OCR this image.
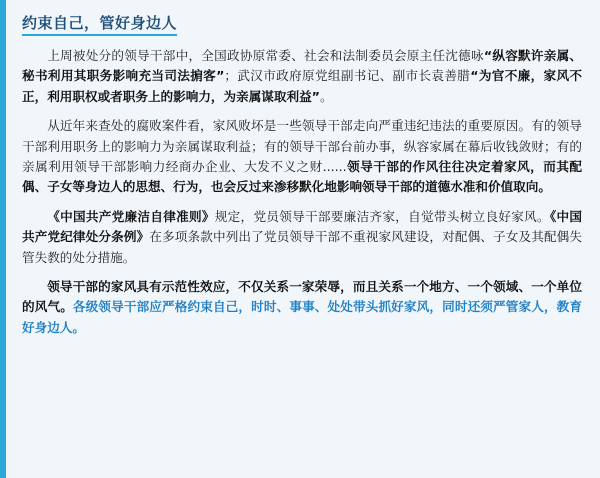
约束自己，管好身边人

上周被处分的领导干部中，全国政协原常委、社会和法制委员会原主任沈德咏“纵容默许亲属、秘书利用其职务影响充当司法掮客”；武汉市政府原党组副书记、副市长袁善腊“为官不廉，家风不正，利用职权或者职务上的影响力，为亲属谋取利益”。

从近年来查处的腐败案件看，家风败坏是一些领导干部走向严重违纪违法的重要原因。有的领导干部利用职务上的影响力为亲属谋取利益；有的领导干部台前办事，纵容家属在幕后收钱敛财；有的亲属利用领导干部影响力经商办企业、大发不义之财......领导干部的作风往往决定着家风，而其配偶、子女等身边人的思想、行为，也会反过来渗移默化地影响领导干部的道德水准和价值取向。

《中国共产党廉洁自律准则》规定，党员领导干部要廉洁齐家，自觉带头树立良好家风。《中国共产党纪律处分条例》在多项条款中列出了党员领导干部不重视家风建设，对配偶、子女及其配偶失管失教的处分措施。

领导干部的家风具有示范性效应，不仅关系一家荣辱，而且关系一个地方、一个领域、一个单位的风气。各级领导干部应严格约束自己，时时、事事、处处带头抓好家风，同时还须严管家人，教育好身边人。
